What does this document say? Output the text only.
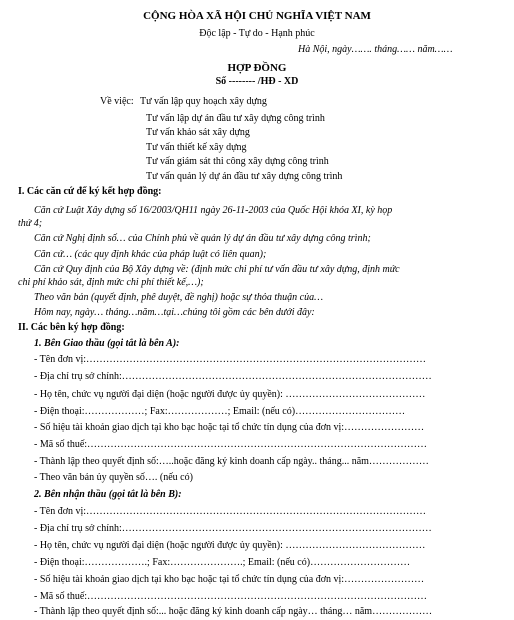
CỘNG HÒA XÃ HỘI CHỦ NGHĨA VIỆT NAM
Độc lập - Tự do - Hạnh phúc
Hà Nội, ngày……. tháng…… năm……
HỢP ĐỒNG
Số -------- /HĐ - XD
Về việc: Tư vấn lập quy hoạch xây dựng
Tư vấn lập dự án đầu tư xây dựng công trình
Tư vấn khảo sát xây dựng
Tư vấn thiết kế xây dựng
Tư vấn giám sát thi công xây dựng công trình
Tư vấn quản lý dự án đầu tư xây dựng công trình
I. Các căn cứ để ký kết hợp đồng:
Căn cứ Luật Xây dựng số 16/2003/QH11 ngày 26-11-2003 của Quốc Hội khóa XI, kỳ họp
thứ 4;
Căn cứ Nghị định số… của Chính phủ về quản lý dự án đầu tư xây dựng công trình;
Căn cứ… (các quy định khác của pháp luật có liên quan);
Căn cứ Quy định của Bộ Xây dựng về: (định mức chi phí tư vấn đầu tư xây dựng, định mức
chi phí khảo sát, định mức chi phí thiết kế,…);
Theo văn bản (quyết định, phê duyệt, đề nghị) hoặc sự thỏa thuận của…
Hôm nay, ngày… tháng…năm…tại…chúng tôi gồm các bên dưới đây:
II. Các bên ký hợp đồng:
1. Bên Giao thầu (gọi tắt là bên A):
- Tên đơn vị:…………………………………………………………………………………………
- Địa chỉ trụ sở chính:…………………………………………………………………………………
- Họ tên, chức vụ người đại diện (hoặc người được ủy quyền): ……………………………………
- Điện thoại:………………; Fax:………………; Email: (nếu có)……………………………
- Số hiệu tài khoản giao dịch tại kho bạc hoặc tại tổ chức tín dụng của đơn vị:……………………
- Mã số thuế:…………………………………………………………………………………………
- Thành lập theo quyết định số:…..hoặc đăng ký kinh doanh cấp ngày.. tháng... năm………………
- Theo văn bản ủy quyền số…. (nếu có)
2. Bên nhận thầu (gọi tắt là bên B):
- Tên đơn vị:…………………………………………………………………………………………
- Địa chỉ trụ sở chính:…………………………………………………………………………………
- Họ tên, chức vụ người đại diện (hoặc người được ủy quyền): ……………………………………
- Điện thoại:……………….; Fax:………………….; Email: (nếu có)…………………………
- Số hiệu tài khoản giao dịch tại kho bạc hoặc tại tổ chức tín dụng của đơn vị:……………………
- Mã số thuế:…………………………………………………………………………………………
- Thành lập theo quyết định số:... hoặc đăng ký kinh doanh cấp ngày… tháng… năm………………
